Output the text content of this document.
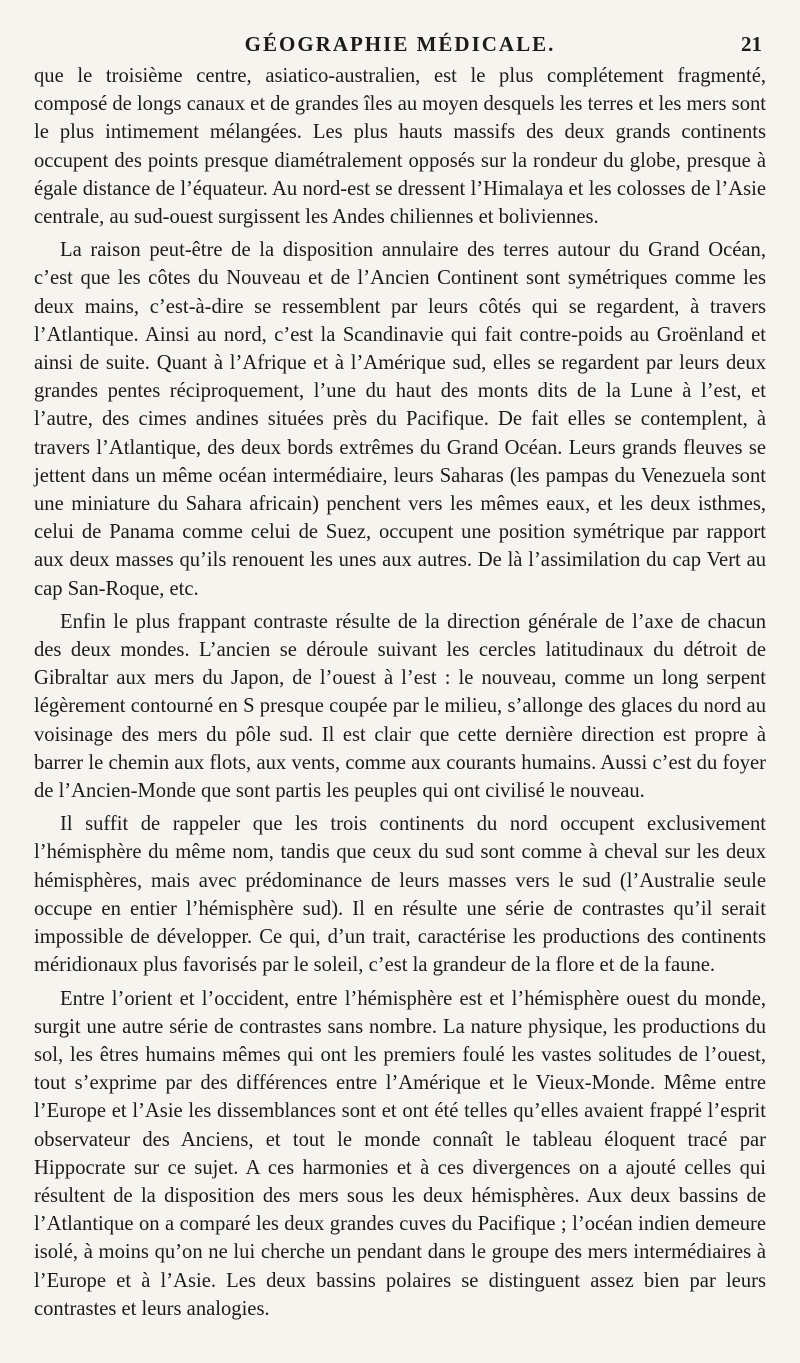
GÉOGRAPHIE MÉDICALE.	21

que le troisième centre, asiatico-australien, est le plus complétement fragmenté, composé de longs canaux et de grandes îles au moyen desquels les terres et les mers sont le plus intimement mélangées. Les plus hauts massifs des deux grands continents occupent des points presque diamétralement opposés sur la rondeur du globe, presque à égale distance de l’équateur. Au nord-est se dressent l’Himalaya et les colosses de l’Asie centrale, au sud-ouest surgissent les Andes chiliennes et boliviennes.

La raison peut-être de la disposition annulaire des terres autour du Grand Océan, c’est que les côtes du Nouveau et de l’Ancien Continent sont symétriques comme les deux mains, c’est-à-dire se ressemblent par leurs côtés qui se regardent, à travers l’Atlantique. Ainsi au nord, c’est la Scandinavie qui fait contre-poids au Groënland et ainsi de suite. Quant à l’Afrique et à l’Amérique sud, elles se regardent par leurs deux grandes pentes réciproquement, l’une du haut des monts dits de la Lune à l’est, et l’autre, des cimes andines situées près du Pacifique. De fait elles se contemplent, à travers l’Atlantique, des deux bords extrêmes du Grand Océan. Leurs grands fleuves se jettent dans un même océan intermédiaire, leurs Saharas (les pampas du Venezuela sont une miniature du Sahara africain) penchent vers les mêmes eaux, et les deux isthmes, celui de Panama comme celui de Suez, occupent une position symétrique par rapport aux deux masses qu’ils renouent les unes aux autres. De là l’assimilation du cap Vert au cap San-Roque, etc.

Enfin le plus frappant contraste résulte de la direction générale de l’axe de chacun des deux mondes. L’ancien se déroule suivant les cercles latitudinaux du détroit de Gibraltar aux mers du Japon, de l’ouest à l’est : le nouveau, comme un long serpent légèrement contourné en S presque coupée par le milieu, s’allonge des glaces du nord au voisinage des mers du pôle sud. Il est clair que cette dernière direction est propre à barrer le chemin aux flots, aux vents, comme aux courants humains. Aussi c’est du foyer de l’Ancien-Monde que sont partis les peuples qui ont civilisé le nouveau.

Il suffit de rappeler que les trois continents du nord occupent exclusivement l’hémisphère du même nom, tandis que ceux du sud sont comme à cheval sur les deux hémisphères, mais avec prédominance de leurs masses vers le sud (l’Australie seule occupe en entier l’hémisphère sud). Il en résulte une série de contrastes qu’il serait impossible de développer. Ce qui, d’un trait, caractérise les productions des continents méridionaux plus favorisés par le soleil, c’est la grandeur de la flore et de la faune.

Entre l’orient et l’occident, entre l’hémisphère est et l’hémisphère ouest du monde, surgit une autre série de contrastes sans nombre. La nature physique, les productions du sol, les êtres humains mêmes qui ont les premiers foulé les vastes solitudes de l’ouest, tout s’exprime par des différences entre l’Amérique et le Vieux-Monde. Même entre l’Europe et l’Asie les dissemblances sont et ont été telles qu’elles avaient frappé l’esprit observateur des Anciens, et tout le monde connaît le tableau éloquent tracé par Hippocrate sur ce sujet. A ces harmonies et à ces divergences on a ajouté celles qui résultent de la disposition des mers sous les deux hémisphères. Aux deux bassins de l’Atlantique on a comparé les deux grandes cuves du Pacifique ; l’océan indien demeure isolé, à moins qu’on ne lui cherche un pendant dans le groupe des mers intermédiaires à l’Europe et à l’Asie. Les deux bassins polaires se distinguent assez bien par leurs contrastes et leurs analogies.
